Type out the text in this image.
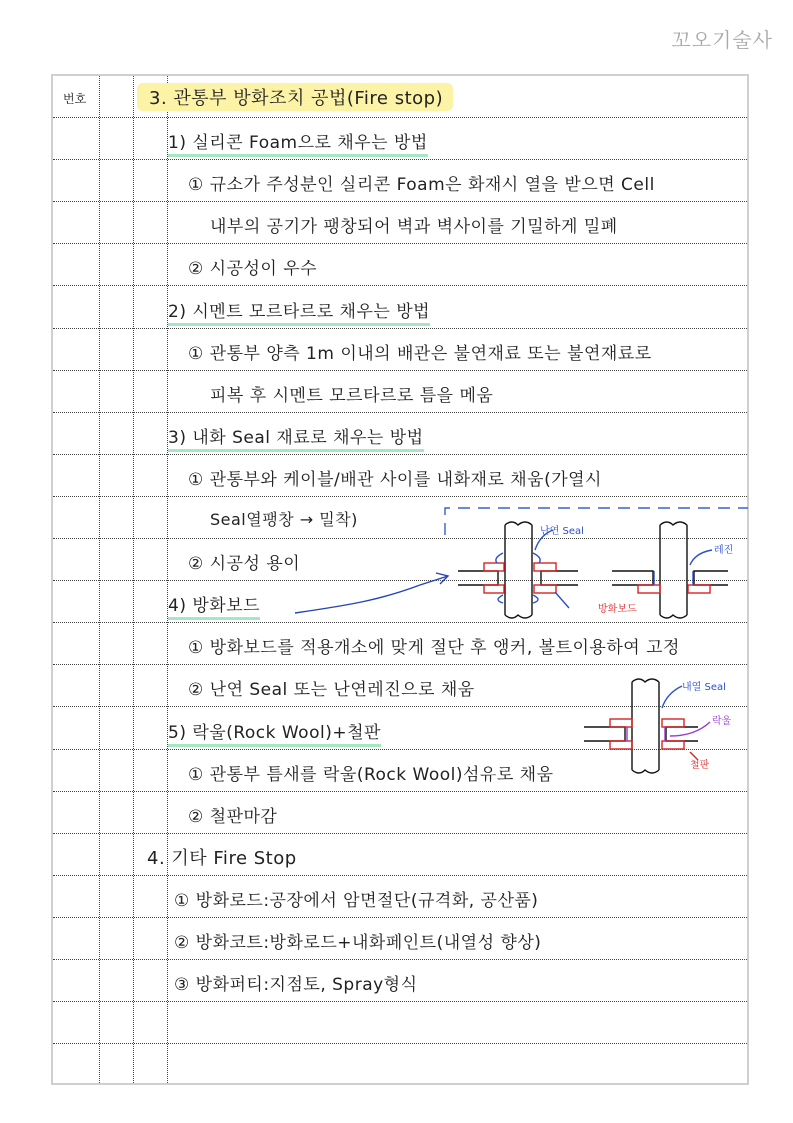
꼬오기술사
번호	3. 관통부 방화조치 공법(Fire stop)
1) 실리콘 Foam으로 채우는 방법
① 규소가 주성분인 실리콘 Foam은 화재시 열을 받으면 Cell
내부의 공기가 팽창되어 벽과 벽사이를 기밀하게 밀폐
② 시공성이 우수
2) 시멘트 모르타르로 채우는 방법
① 관통부 양측 1m 이내의 배관은 불연재료 또는 불연재료로
피복 후 시멘트 모르타르로 틈을 메움
3) 내화 Seal 재료로 채우는 방법
① 관통부와 케이블/배관 사이를 내화재로 채움(가열시
Seal열팽창 → 밀착)
② 시공성 용이
4) 방화보드
① 방화보드를 적용개소에 맞게 절단 후 앵커, 볼트이용하여 고정
② 난연 Seal 또는 난연레진으로 채움
5) 락울(Rock Wool)+철판
① 관통부 틈새를 락울(Rock Wool)섬유로 채움
② 철판마감
4. 기타 Fire Stop
① 방화로드:공장에서 암면절단(규격화, 공산품)
② 방화코트:방화로드+내화페인트(내열성 향상)
③ 방화퍼티:지점토, Spray형식
난연 Seal
방화보드
레진
내열 Seal
락울
철판
